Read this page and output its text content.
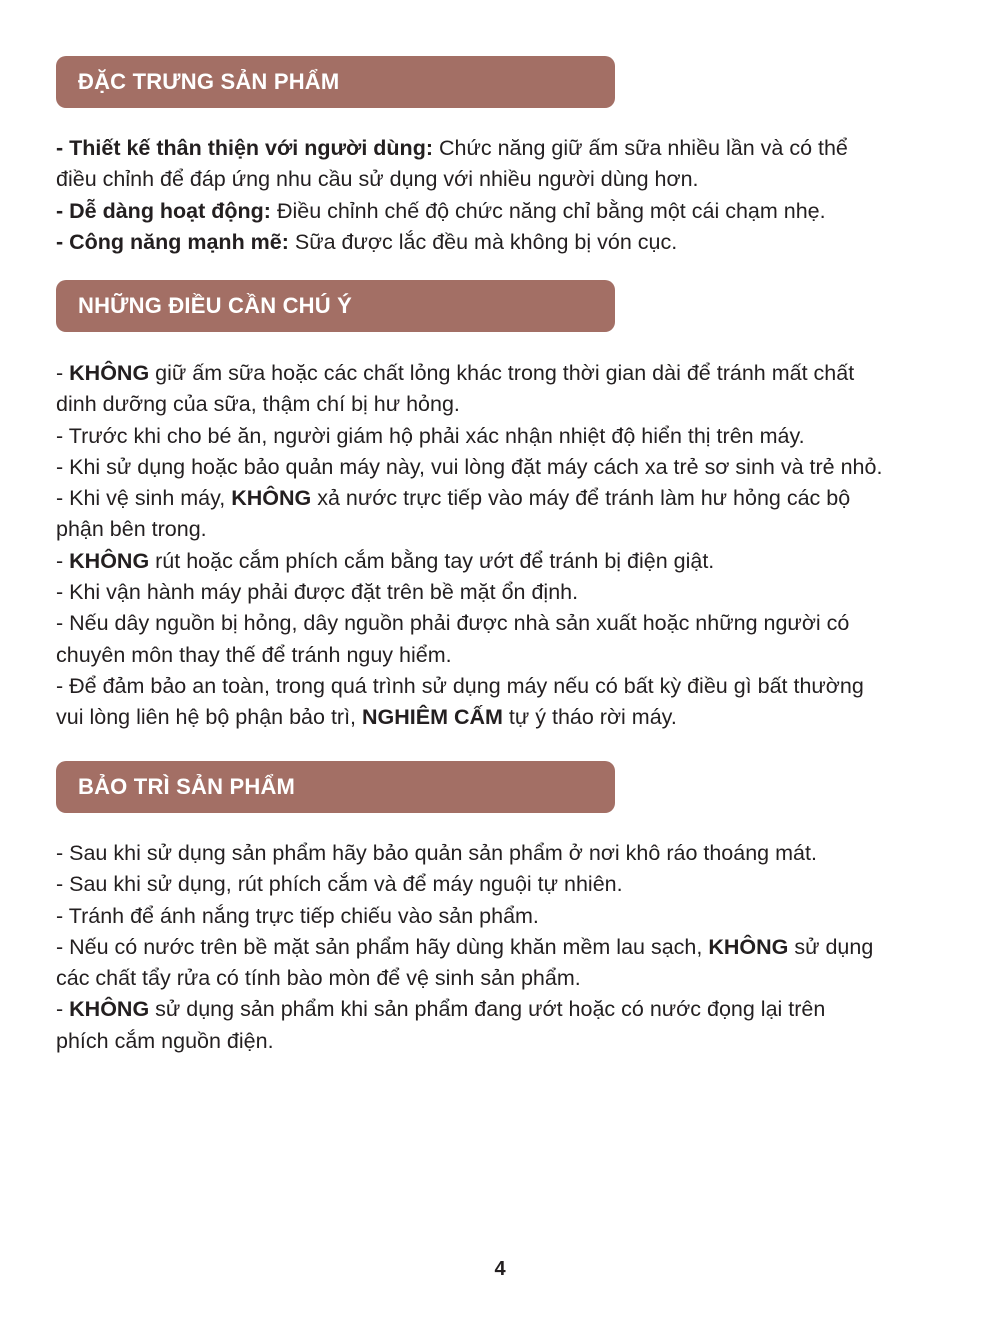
ĐẶC TRƯNG SẢN PHẨM

- Thiết kế thân thiện với người dùng: Chức năng giữ ấm sữa nhiều lần và có thể

điều chỉnh để đáp ứng nhu cầu sử dụng với nhiều người dùng hơn.

- Dễ dàng hoạt động: Điều chỉnh chế độ chức năng chỉ bằng một cái chạm nhẹ.

- Công năng mạnh mẽ: Sữa được lắc đều mà không bị vón cục.

NHỮNG ĐIỀU CẦN CHÚ Ý

- KHÔNG giữ ấm sữa hoặc các chất lỏng khác trong thời gian dài để tránh mất chất

dinh dưỡng của sữa, thậm chí bị hư hỏng.

- Trước khi cho bé ăn, người giám hộ phải xác nhận nhiệt độ hiển thị trên máy.

- Khi sử dụng hoặc bảo quản máy này, vui lòng đặt máy cách xa trẻ sơ sinh và trẻ nhỏ.

- Khi vệ sinh máy, KHÔNG xả nước trực tiếp vào máy để tránh làm hư hỏng các bộ

phận bên trong.

- KHÔNG rút hoặc cắm phích cắm bằng tay ướt để tránh bị điện giật.

- Khi vận hành máy phải được đặt trên bề mặt ổn định.

- Nếu dây nguồn bị hỏng, dây nguồn phải được nhà sản xuất hoặc những người có

chuyên môn thay thế để tránh nguy hiểm.

- Để đảm bảo an toàn, trong quá trình sử dụng máy nếu có bất kỳ điều gì bất thường

vui lòng liên hệ bộ phận bảo trì, NGHIÊM CẤM tự ý tháo rời máy.

BẢO TRÌ SẢN PHẨM

- Sau khi sử dụng sản phẩm hãy bảo quản sản phẩm ở nơi khô ráo thoáng mát.

- Sau khi sử dụng, rút phích cắm và để máy nguội tự nhiên.

- Tránh để ánh nắng trực tiếp chiếu vào sản phẩm.

- Nếu có nước trên bề mặt sản phẩm hãy dùng khăn mềm lau sạch, KHÔNG sử dụng

các chất tẩy rửa có tính bào mòn để vệ sinh sản phẩm.

- KHÔNG sử dụng sản phẩm khi sản phẩm đang ướt hoặc có nước đọng lại trên

phích cắm nguồn điện.

4
